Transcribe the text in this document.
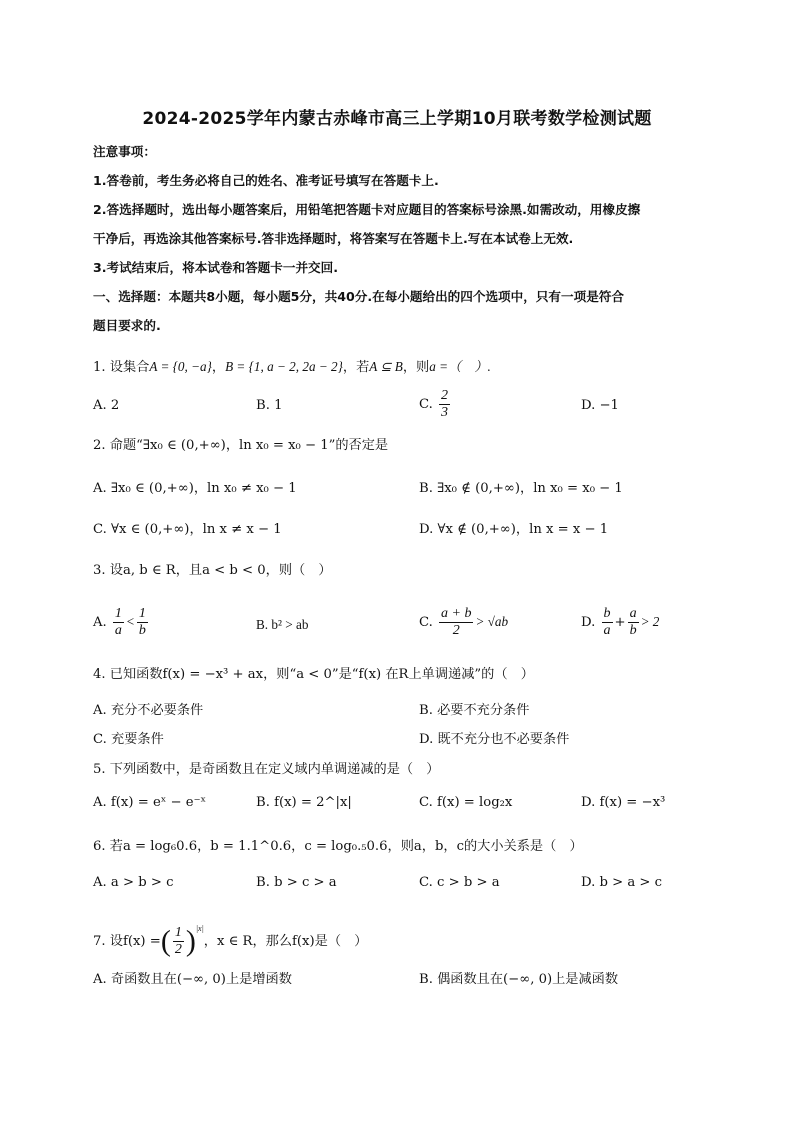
2024-2025学年内蒙古赤峰市高三上学期10月联考数学检测试题
注意事项：
1.答卷前，考生务必将自己的姓名、准考证号填写在答题卡上.
2.答选择题时，选出每小题答案后，用铅笔把答题卡对应题目的答案标号涂黑.如需改动，用橡皮擦
干净后，再选涂其他答案标号.答非选择题时，将答案写在答题卡上.写在本试卷上无效.
3.考试结束后，将本试卷和答题卡一并交回.
一、选择题：本题共8小题，每小题5分，共40分.在每小题给出的四个选项中，只有一项是符合
题目要求的.
1. 设集合A = {0, −a}，B = {1, a − 2, 2a − 2}，若A ⊆ B，则a =（　）.
A. 2	B. 1	C. $\frac{2}{3}$	D. −1
2. 命题“∃x₀ ∈ (0,+∞)，ln x₀ = x₀ − 1”的否定是
A. ∃x₀ ∈ (0,+∞)，ln x₀ ≠ x₀ − 1	B. ∃x₀ ∉ (0,+∞)，ln x₀ = x₀ − 1
C. ∀x ∈ (0,+∞)，ln x ≠ x − 1	D. ∀x ∉ (0,+∞)，ln x = x − 1
3. 设a, b ∈ R，且a < b < 0，则（　）
A. $\frac{1}{a} < \frac{1}{b}$	B. b² > ab	C. $\frac{a + b}{2} > √ab$	D. $\frac{b}{a} + \frac{a}{b} > 2$
4. 已知函数f(x) = −x³ + ax，则“a < 0”是“f(x) 在R上单调递减”的（　）
A. 充分不必要条件	B. 必要不充分条件
C. 充要条件	D. 既不充分也不必要条件
5. 下列函数中，是奇函数且在定义域内单调递减的是（　）
A. f(x) = eˣ − e⁻ˣ	B. f(x) = 2^|x|	C. f(x) = log₂x	D. f(x) = −x³
6. 若a = log₆0.6，b = 1.1^0.6，c = log₀.₅0.6，则a，b，c的大小关系是（　）
A. a > b > c	B. b > c > a	C. c > b > a	D. b > a > c
7. 设f(x) =( $\frac{1}{2} )^{|x|}$，x ∈ R，那么f(x)是（　）
A. 奇函数且在(−∞, 0)上是增函数	B. 偶函数且在(−∞, 0)上是减函数
